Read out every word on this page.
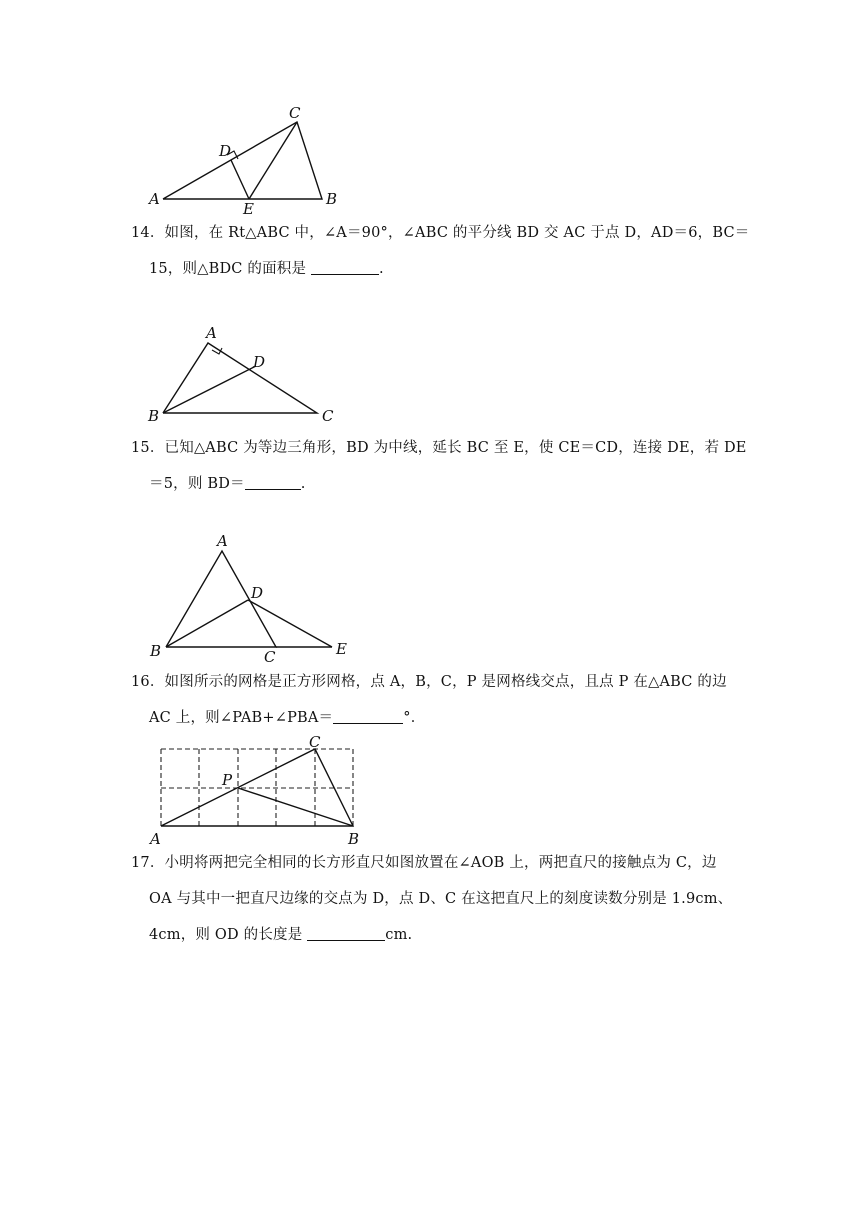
A	B
C
D
E
14．如图，在 Rt△ABC 中，∠A＝90°，∠ABC 的平分线 BD 交 AC 于点 D，AD＝6，BC＝
15，则△BDC 的面积是	.
A
B	C
D
15．已知△ABC 为等边三角形，BD 为中线，延长 BC 至 E，使 CE＝CD，连接 DE，若 DE
＝5，则 BD＝	.
A
B	C
D
E
16．如图所示的网格是正方形网格，点 A，B，C，P 是网格线交点，且点 P 在△ABC 的边
AC 上，则∠PAB+∠PBA＝	°．
A	B
C
P
17．小明将两把完全相同的长方形直尺如图放置在∠AOB 上，两把直尺的接触点为 C，边
OA 与其中一把直尺边缘的交点为 D，点 D、C 在这把直尺上的刻度读数分别是 1.9cm、
4cm，则 OD 的长度是	cm.
